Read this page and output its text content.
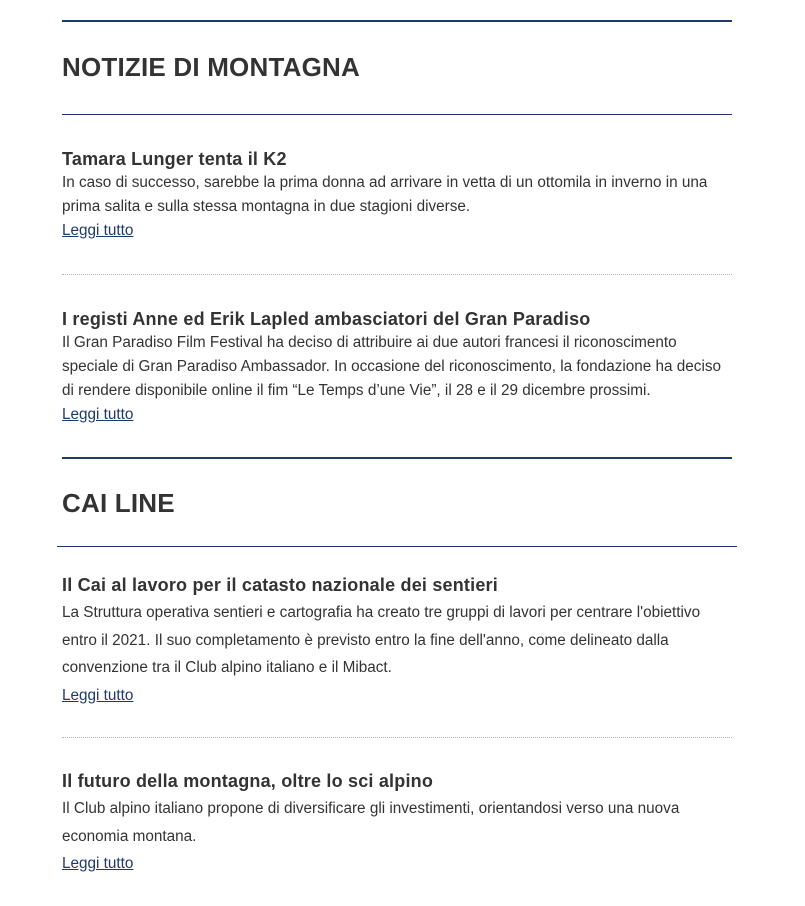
NOTIZIE DI MONTAGNA
Tamara Lunger tenta il K2

In caso di successo, sarebbe la prima donna ad arrivare in vetta di un ottomila in inverno in una prima salita e sulla stessa montagna in due stagioni diverse.

Leggi tutto
I registi Anne ed Erik Lapled ambasciatori del Gran Paradiso

Il Gran Paradiso Film Festival ha deciso di attribuire ai due autori francesi il riconoscimento speciale di Gran Paradiso Ambassador. In occasione del riconoscimento, la fondazione ha deciso di rendere disponibile online il fim “Le Temps d’une Vie”, il 28 e il 29 dicembre prossimi.

Leggi tutto
CAI LINE
Il Cai al lavoro per il catasto nazionale dei sentieri

La Struttura operativa sentieri e cartografia ha creato tre gruppi di lavori per centrare l'obiettivo entro il 2021. Il suo completamento è previsto entro la fine dell'anno, come delineato dalla convenzione tra il Club alpino italiano e il Mibact.

Leggi tutto
Il futuro della montagna, oltre lo sci alpino

Il Club alpino italiano propone di diversificare gli investimenti, orientandosi verso una nuova economia montana.

Leggi tutto
